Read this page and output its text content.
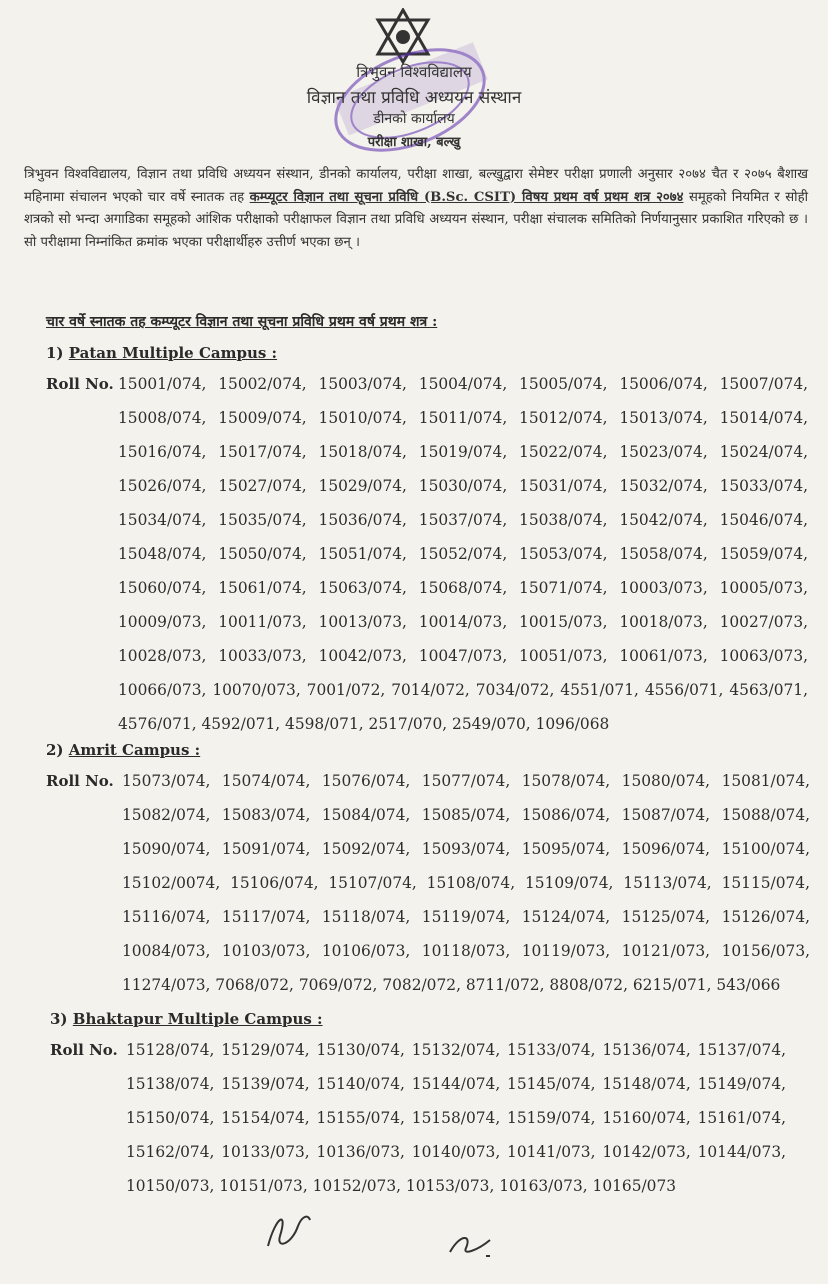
त्रिभुवन विश्वविद्यालय
विज्ञान तथा प्रविधि अध्ययन संस्थान
डीनको कार्यालय
परीक्षा शाखा, बल्खु
त्रिभुवन विश्वविद्यालय, विज्ञान तथा प्रविधि अध्ययन संस्थान, डीनको कार्यालय, परीक्षा शाखा, बल्खुद्वारा सेमेष्टर परीक्षा प्रणाली अनुसार २०७४ चैत र २०७५ बैशाख महिनामा संचालन भएको चार वर्षे स्नातक तह कम्प्यूटर विज्ञान तथा सूचना प्रविधि (B.Sc. CSIT) विषय प्रथम वर्ष प्रथम शत्र २०७४ समूहको नियमित र सोही शत्रको सो भन्दा अगाडिका समूहको आंशिक परीक्षाको परीक्षाफल विज्ञान तथा प्रविधि अध्ययन संस्थान, परीक्षा संचालक समितिको निर्णयानुसार प्रकाशित गरिएको छ । सो परीक्षामा निम्नांकित क्रमांक भएका परीक्षार्थीहरु उत्तीर्ण भएका छन् ।
चार वर्षे स्नातक तह कम्प्यूटर विज्ञान तथा सूचना प्रविधि प्रथम वर्ष प्रथम शत्र :
1) Patan Multiple Campus :
Roll No. 15001/074, 15002/074, 15003/074, 15004/074, 15005/074, 15006/074, 15007/074, 15008/074, 15009/074, 15010/074, 15011/074, 15012/074, 15013/074, 15014/074, 15016/074, 15017/074, 15018/074, 15019/074, 15022/074, 15023/074, 15024/074, 15026/074, 15027/074, 15029/074, 15030/074, 15031/074, 15032/074, 15033/074, 15034/074, 15035/074, 15036/074, 15037/074, 15038/074, 15042/074, 15046/074, 15048/074, 15050/074, 15051/074, 15052/074, 15053/074, 15058/074, 15059/074, 15060/074, 15061/074, 15063/074, 15068/074, 15071/074, 10003/073, 10005/073, 10009/073, 10011/073, 10013/073, 10014/073, 10015/073, 10018/073, 10027/073, 10028/073, 10033/073, 10042/073, 10047/073, 10051/073, 10061/073, 10063/073, 10066/073, 10070/073, 7001/072, 7014/072, 7034/072, 4551/071, 4556/071, 4563/071, 4576/071, 4592/071, 4598/071, 2517/070, 2549/070, 1096/068

2) Amrit Campus :
Roll No. 15073/074, 15074/074, 15076/074, 15077/074, 15078/074, 15080/074, 15081/074, 15082/074, 15083/074, 15084/074, 15085/074, 15086/074, 15087/074, 15088/074, 15090/074, 15091/074, 15092/074, 15093/074, 15095/074, 15096/074, 15100/074, 15102/0074, 15106/074, 15107/074, 15108/074, 15109/074, 15113/074, 15115/074, 15116/074, 15117/074, 15118/074, 15119/074, 15124/074, 15125/074, 15126/074, 10084/073, 10103/073, 10106/073, 10118/073, 10119/073, 10121/073, 10156/073, 11274/073, 7068/072, 7069/072, 7082/072, 8711/072, 8808/072, 6215/071, 543/066

3) Bhaktapur Multiple Campus :
Roll No. 15128/074, 15129/074, 15130/074, 15132/074, 15133/074, 15136/074, 15137/074, 15138/074, 15139/074, 15140/074, 15144/074, 15145/074, 15148/074, 15149/074, 15150/074, 15154/074, 15155/074, 15158/074, 15159/074, 15160/074, 15161/074, 15162/074, 10133/073, 10136/073, 10140/073, 10141/073, 10142/073, 10144/073, 10150/073, 10151/073, 10152/073, 10153/073, 10163/073, 10165/073
